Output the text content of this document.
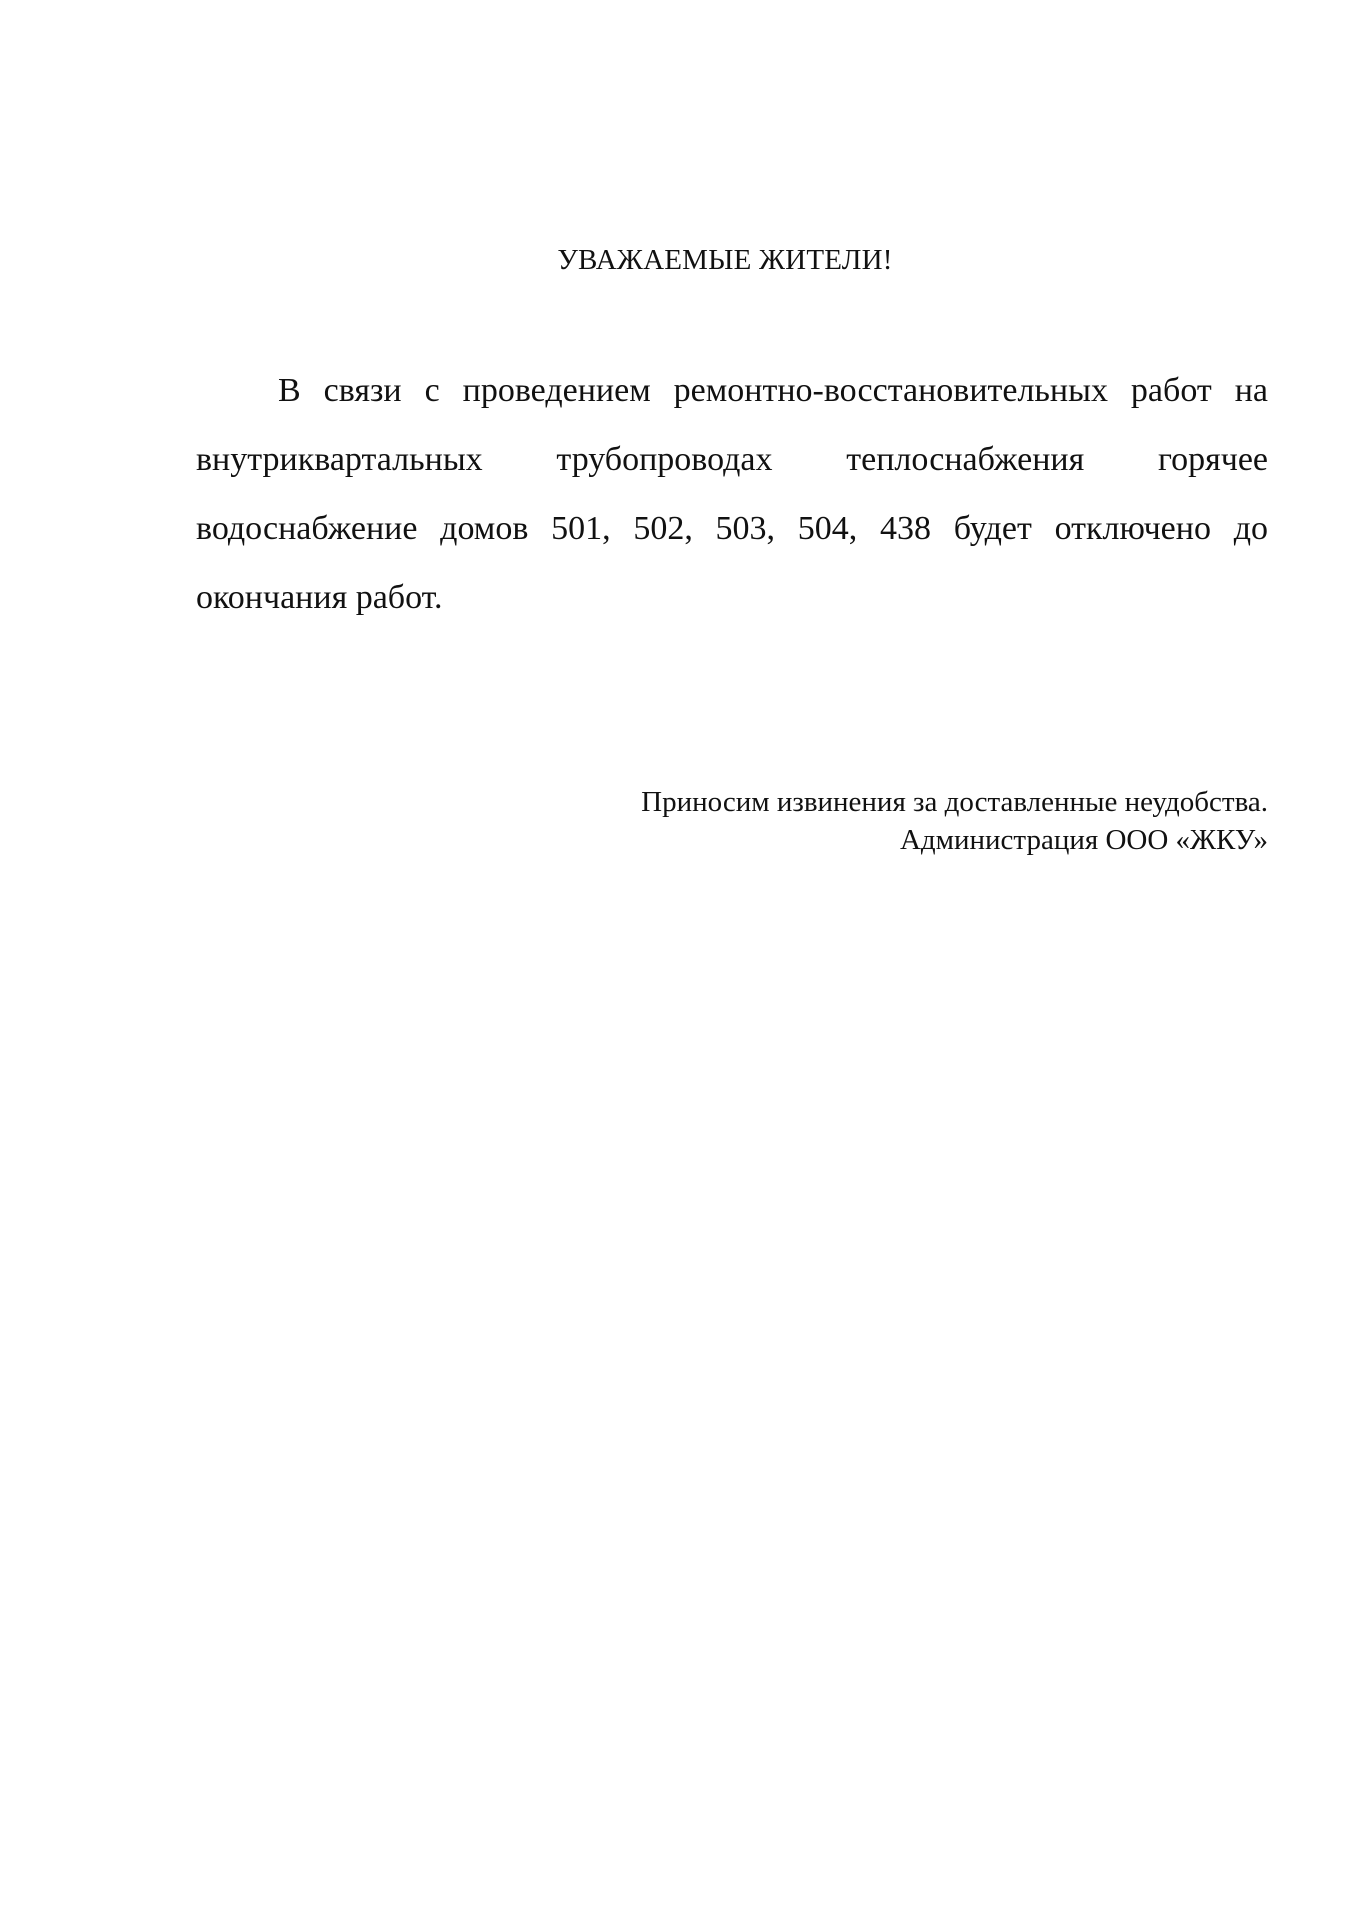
УВАЖАЕМЫЕ ЖИТЕЛИ!

В связи с проведением ремонтно-восстановительных работ на внутриквартальных трубопроводах теплоснабжения горячее водоснабжение домов 501, 502, 503, 504, 438 будет отключено до окончания работ.

Приносим извинения за доставленные неудобства.
Администрация ООО «ЖКУ»
